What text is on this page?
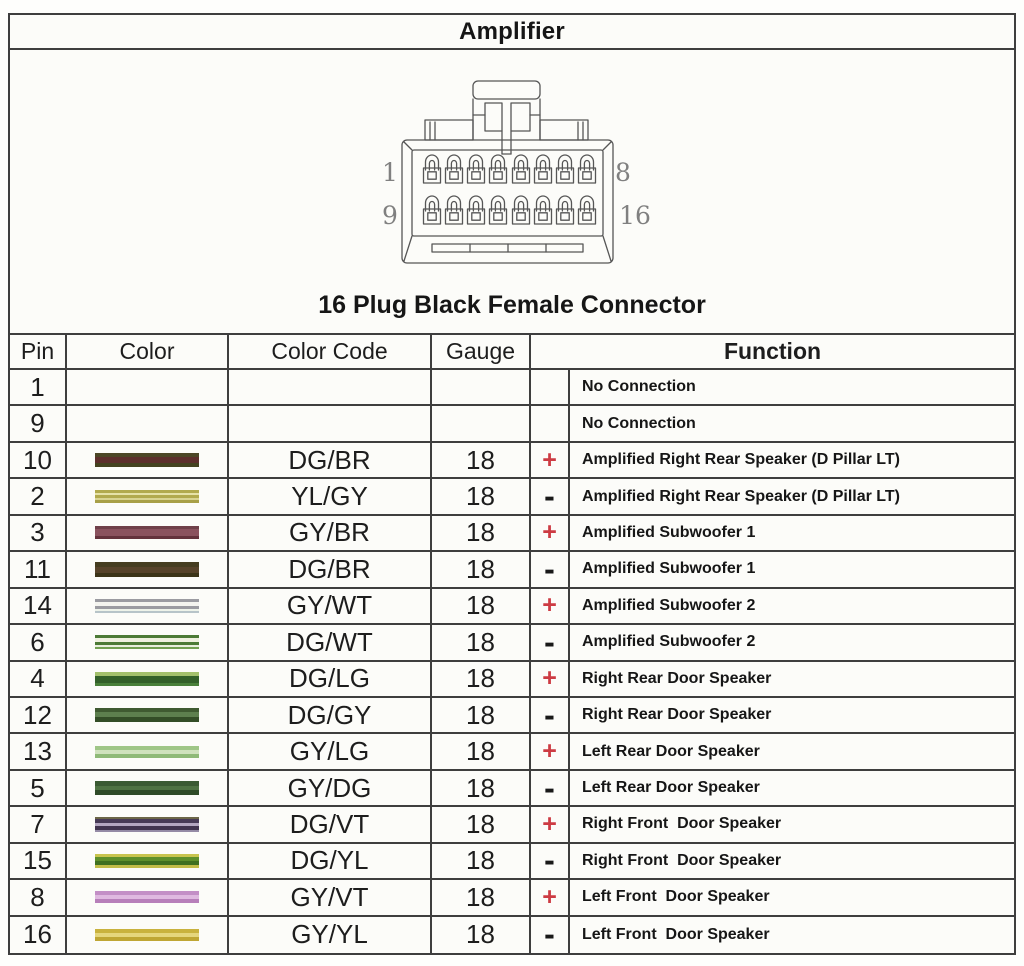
Amplifier
1	8
9	16
16 Plug Black Female Connector
Pin	Color	Color Code	Gauge	Function
1	No Connection
9	No Connection
10	DG/BR	18	+	Amplified Right Rear Speaker (D Pillar LT)
2	YL/GY	18	-	Amplified Right Rear Speaker (D Pillar LT)
3	GY/BR	18	+	Amplified Subwoofer 1
11	DG/BR	18	-	Amplified Subwoofer 1
14	GY/WT	18	+	Amplified Subwoofer 2
6	DG/WT	18	-	Amplified Subwoofer 2
4	DG/LG	18	+	Right Rear Door Speaker
12	DG/GY	18	-	Right Rear Door Speaker
13	GY/LG	18	+	Left Rear Door Speaker
5	GY/DG	18	-	Left Rear Door Speaker
7	DG/VT	18	+	Right Front  Door Speaker
15	DG/YL	18	-	Right Front  Door Speaker
8	GY/VT	18	+	Left Front  Door Speaker
16	GY/YL	18	-	Left Front  Door Speaker
